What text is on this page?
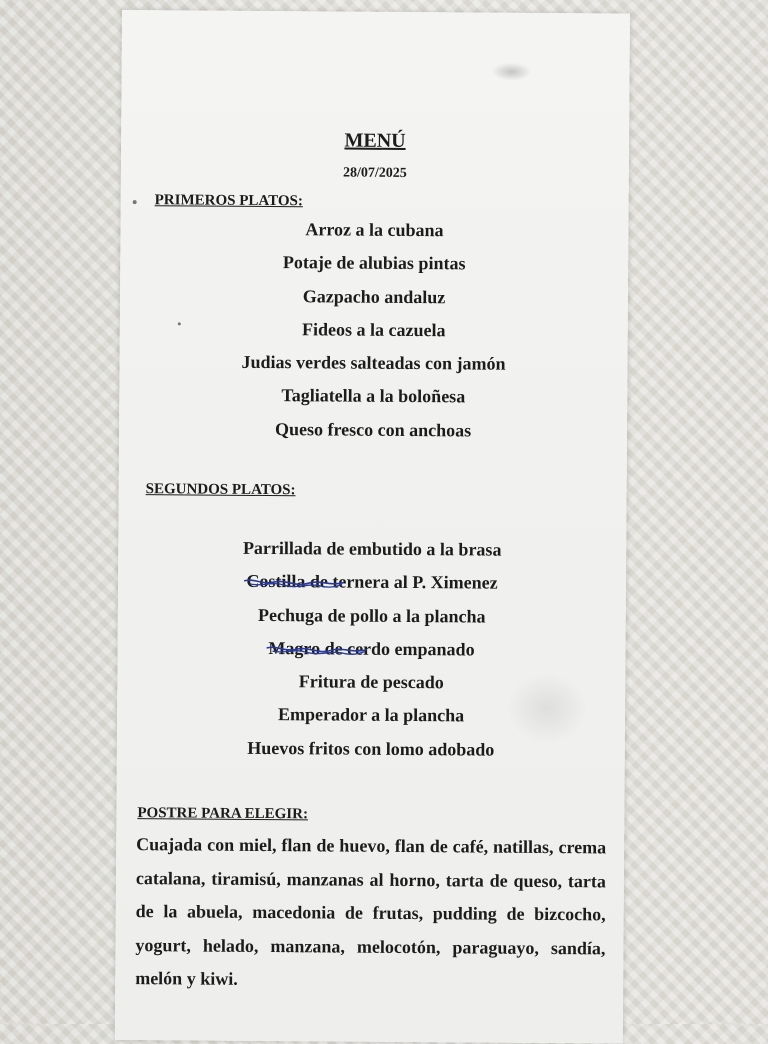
MENÚ
28/07/2025
PRIMEROS PLATOS:
Arroz a la cubana
Potaje de alubias pintas
Gazpacho andaluz
Fideos a la cazuela
Judias verdes salteadas con jamón
Tagliatella a la boloñesa
Queso fresco con anchoas
SEGUNDOS PLATOS:
Parrillada de embutido a la brasa
Costilla de ternera al P. Ximenez
Pechuga de pollo a la plancha
Magro de cerdo empanado
Fritura de pescado
Emperador a la plancha
Huevos fritos con lomo adobado
POSTRE PARA ELEGIR:
Cuajada con miel, flan de huevo, flan de café, natillas, crema catalana, tiramisú, manzanas al horno, tarta de queso, tarta de la abuela, macedonia de frutas, pudding de bizcocho, yogurt, helado, manzana, melocotón, paraguayo, sandía, melón y kiwi.
